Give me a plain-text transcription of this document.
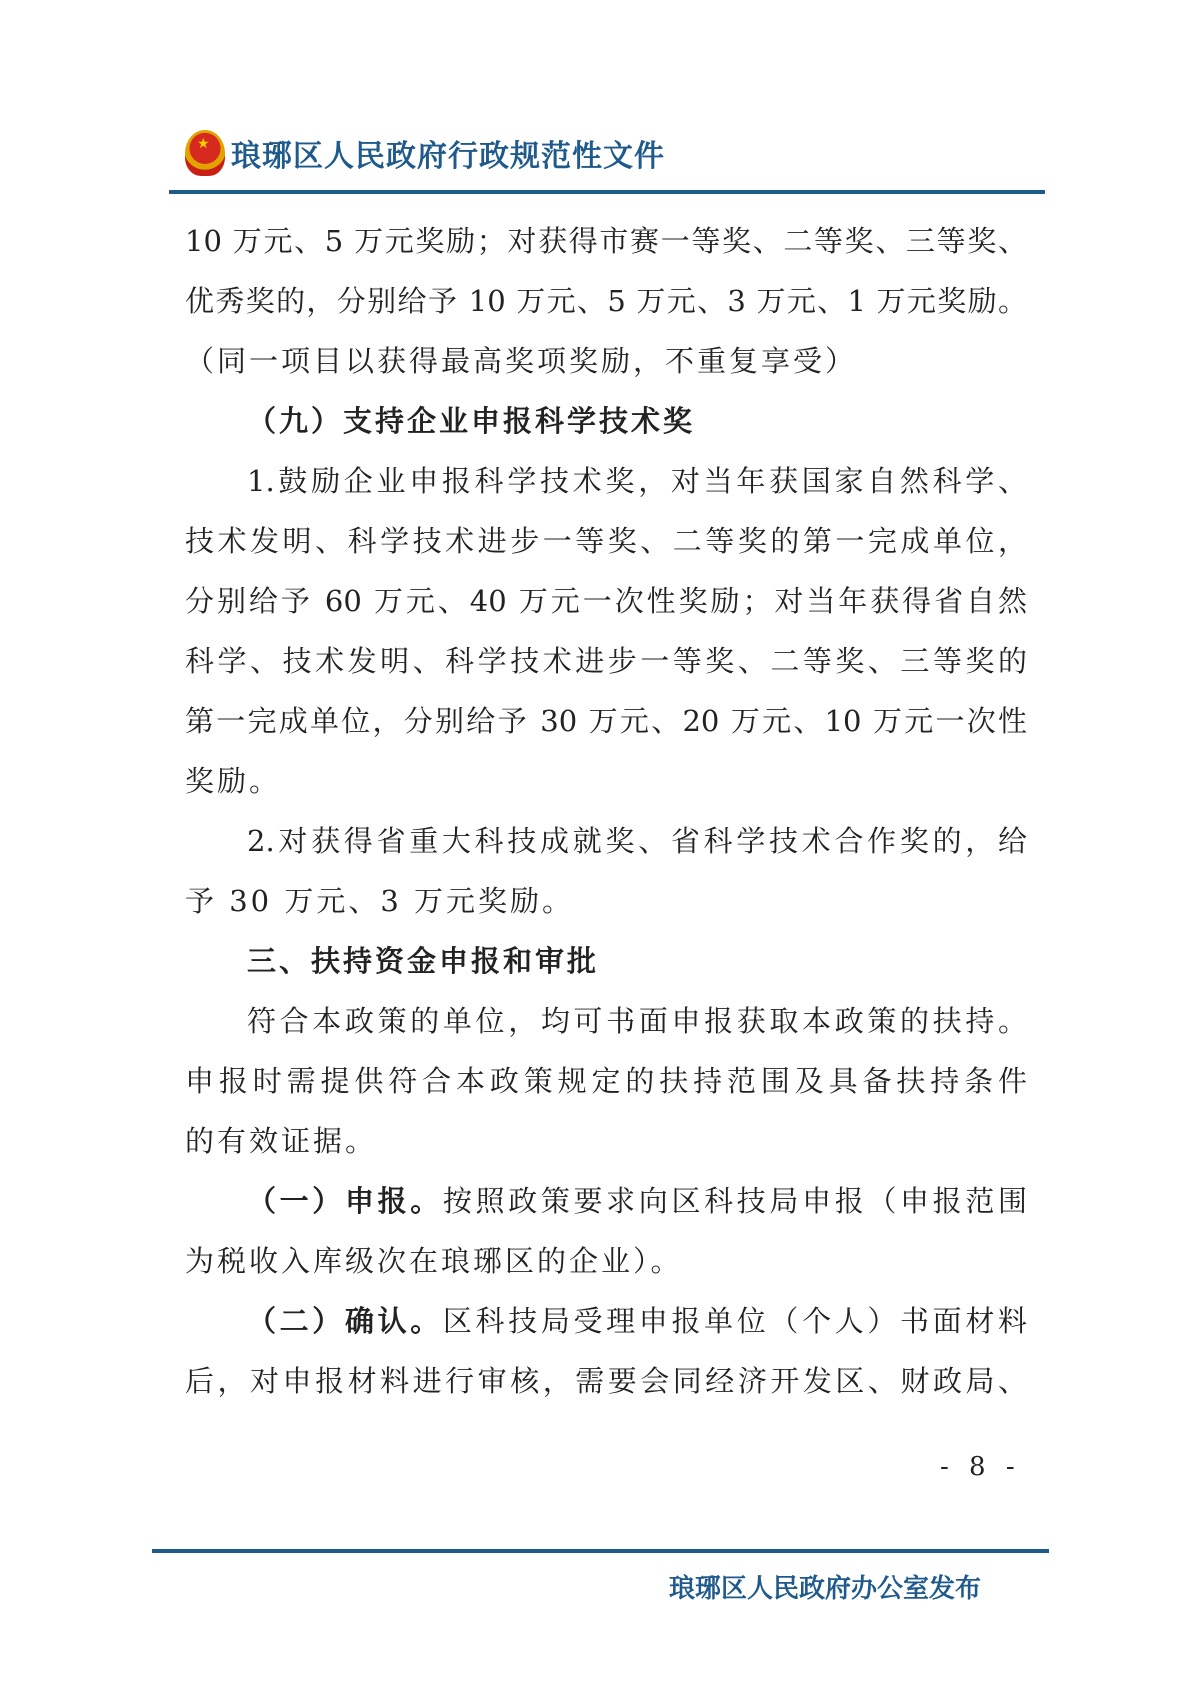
★
琅琊区人民政府行政规范性文件
10 万元、5 万元奖励；对获得市赛一等奖、二等奖、三等奖、
优秀奖的，分别给予 10 万元、5 万元、3 万元、1 万元奖励。
（同一项目以获得最高奖项奖励，不重复享受）
（九）支持企业申报科学技术奖
1.鼓励企业申报科学技术奖，对当年获国家自然科学、
技术发明、科学技术进步一等奖、二等奖的第一完成单位，
分别给予 60 万元、40 万元一次性奖励；对当年获得省自然
科学、技术发明、科学技术进步一等奖、二等奖、三等奖的
第一完成单位，分别给予 30 万元、20 万元、10 万元一次性
奖励。
2.对获得省重大科技成就奖、省科学技术合作奖的，给
予 30 万元、3 万元奖励。
三、扶持资金申报和审批
符合本政策的单位，均可书面申报获取本政策的扶持。
申报时需提供符合本政策规定的扶持范围及具备扶持条件
的有效证据。
（一）申报。按照政策要求向区科技局申报（申报范围
为税收入库级次在琅琊区的企业）。
（二）确认。区科技局受理申报单位（个人）书面材料
后，对申报材料进行审核，需要会同经济开发区、财政局、
- 8 -
琅琊区人民政府办公室发布
